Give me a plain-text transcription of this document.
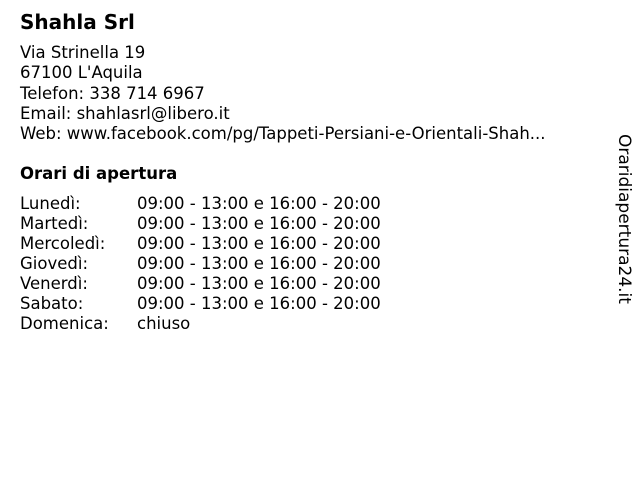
Shahla Srl
Via Strinella 19
67100 L'Aquila
Telefon: 338 714 6967
Email: shahlasrl@libero.it
Web: www.facebook.com/pg/Tappeti-Persiani-e-Orientali-Shah...
Orari di apertura
Lunedì:	09:00 - 13:00 e 16:00 - 20:00
Martedì:	09:00 - 13:00 e 16:00 - 20:00
Mercoledì: 09:00 - 13:00 e 16:00 - 20:00
Giovedì:	09:00 - 13:00 e 16:00 - 20:00
Venerdì:	09:00 - 13:00 e 16:00 - 20:00
Sabato:	09:00 - 13:00 e 16:00 - 20:00
Domenica: chiuso
Oraridiapertura24.it
